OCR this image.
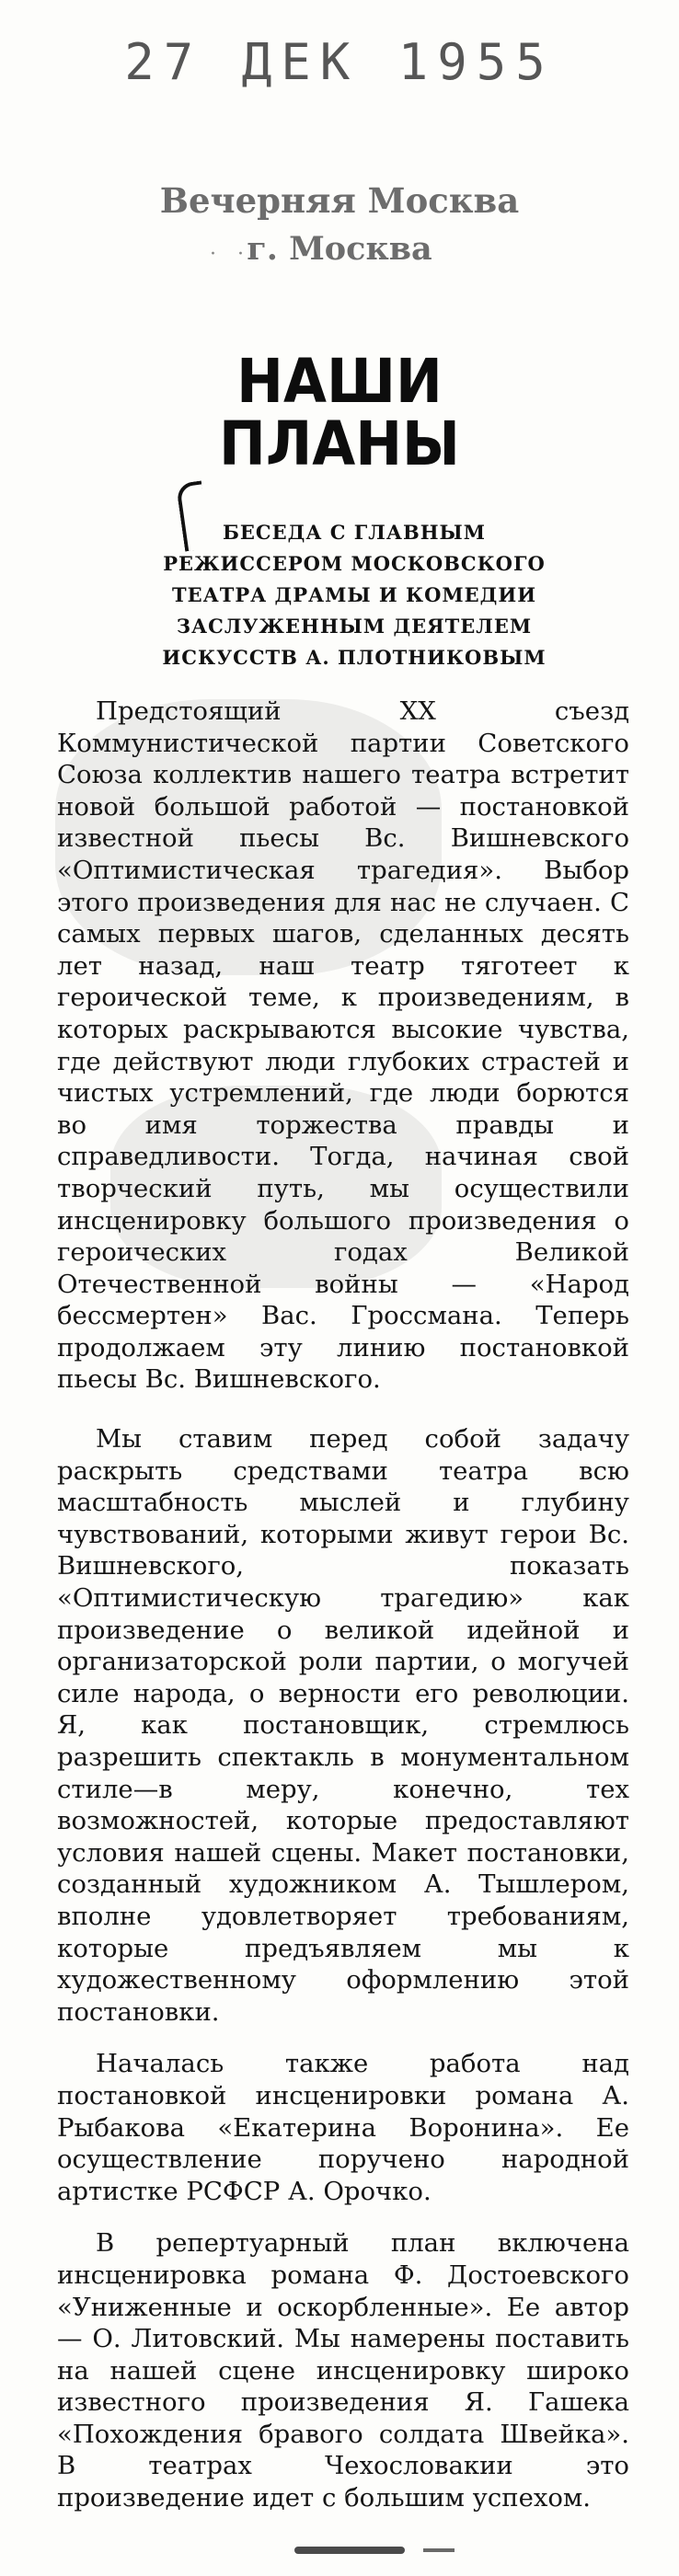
27 ДЕК 1955
Вечерняя Москва
· ·
г. Москва
НАШИ
ПЛАНЫ
БЕСЕДА С ГЛАВНЫМ РЕЖИССЕРОМ МОСКОВСКОГО ТЕАТРА ДРАМЫ И КОМЕДИИ ЗАСЛУЖЕННЫМ ДЕЯТЕЛЕМ ИСКУССТВ А. ПЛОТНИКОВЫМ

Предстоящий XX съезд Коммунистической партии Советского Союза коллектив нашего театра встретит новой большой работой — постановкой известной пьесы Вс. Вишневского «Оптимистическая трагедия». Выбор этого произведения для нас не случаен. С самых первых шагов, сделанных десять лет назад, наш театр тяготеет к героической теме, к произведениям, в которых раскрываются высокие чувства, где действуют люди глубоких страстей и чистых устремлений, где люди борются во имя торжества правды и справедливости. Тогда, начиная свой творческий путь, мы осуществили инсценировку большого произведения о героических годах Великой Отечественной войны — «Народ бессмертен» Вас. Гроссмана. Теперь продолжаем эту линию постановкой пьесы Вс. Вишневского.

Мы ставим перед собой задачу раскрыть средствами театра всю масштабность мыслей и глубину чувствований, которыми живут герои Вс. Вишневского, показать «Оптимистическую трагедию» как произведение о великой идейной и организаторской роли партии, о могучей силе народа, о верности его революции. Я, как постановщик, стремлюсь разрешить спектакль в монументальном стиле—в меру, конечно, тех возможностей, которые предоставляют условия нашей сцены. Макет постановки, созданный художником А. Тышлером, вполне удовлетворяет требованиям, которые предъявляем мы к художественному оформлению этой постановки.

Началась также работа над постановкой инсценировки романа А. Рыбакова «Екатерина Воронина». Ее осуществление поручено народной артистке РСФСР А. Орочко.

В репертуарный план включена инсценировка романа Ф. Достоевского «Униженные и оскорбленные». Ее автор — О. Литовский. Мы намерены поставить на нашей сцене инсценировку широко известного произведения Я. Гашека «Похождения бравого солдата Швейка». В театрах Чехословакии это произведение идет с большим успехом.
